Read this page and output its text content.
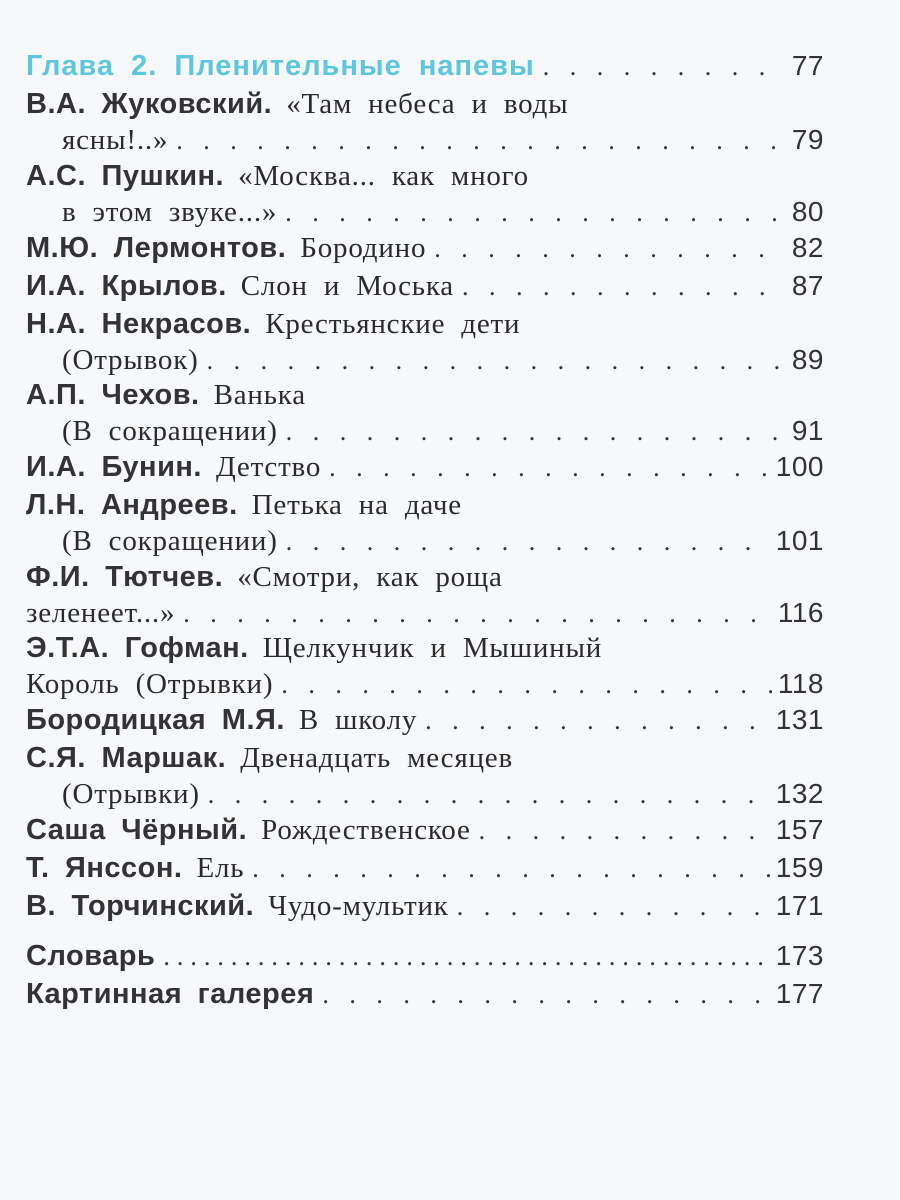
Глава 2. Пленительные напевы . . .	77
В.А. Жуковский. «Там небеса и воды
ясны!..» . . .	79
А.С. Пушкин. «Москва... как много
в этом звуке...» . . .	80
М.Ю. Лермонтов. Бородино . . .	82
И.А. Крылов. Слон и Моська . . .	87
Н.А. Некрасов. Крестьянские дети
(Отрывок) . . .	89
А.П. Чехов. Ванька
(В сокращении) . . .	91
И.А. Бунин. Детство . . .	100
Л.Н. Андреев. Петька на даче
(В сокращении) . . .	101
Ф.И. Тютчев. «Смотри, как роща
зеленеет...» . . .	116
Э.Т.А. Гофман. Щелкунчик и Мышиный
Король (Отрывки) . . .	118
Бородицкая М.Я. В школу . . .	131
С.Я. Маршак. Двенадцать месяцев
(Отрывки) . . .	132
Саша Чёрный. Рождественское . . .	157
Т. Янссон. Ель . . .	159
В. Торчинский. Чудо-мультик . . .	171
Словарь .....	173
Картинная галерея . . .	177
